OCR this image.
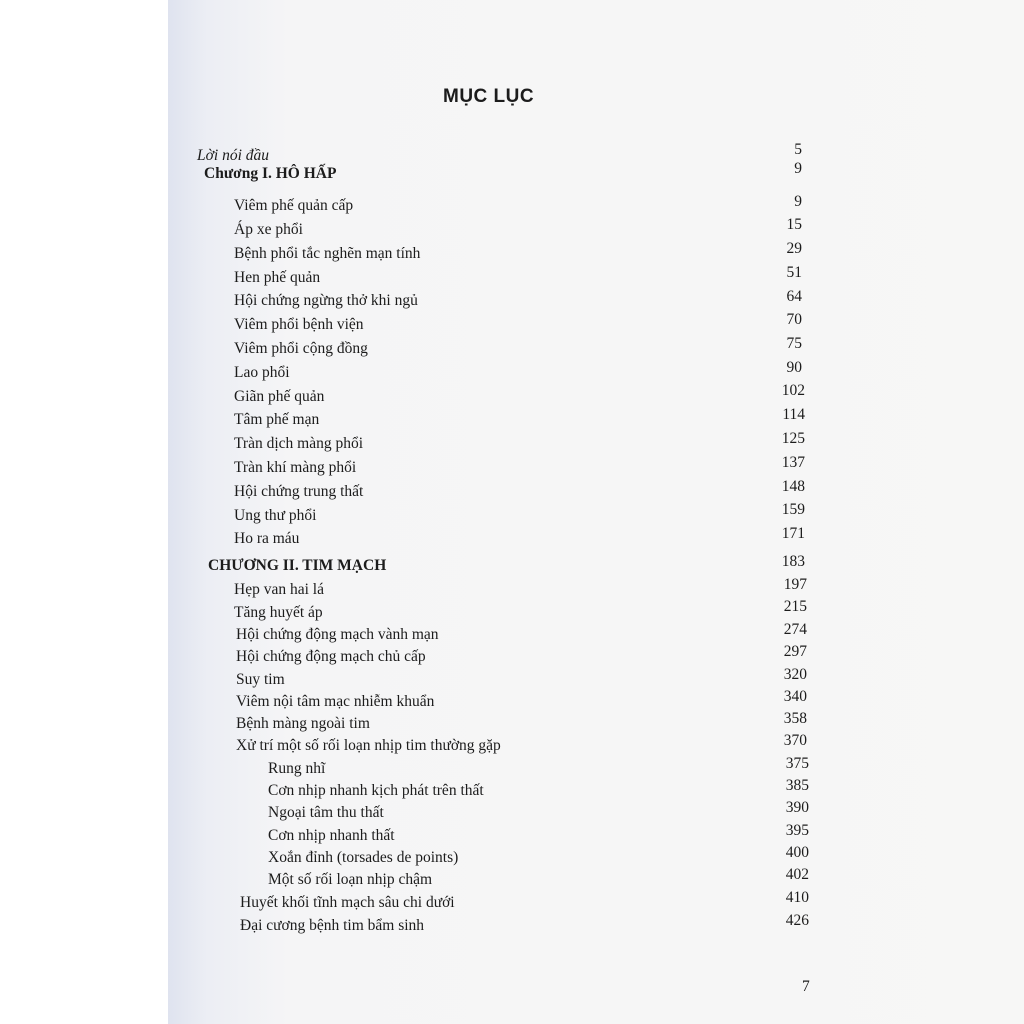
MỤC LỤC
Lời nói đầu	5
Chương I. HÔ HẤP	9
Viêm phế quản cấp	9
Áp xe phổi	15
Bệnh phổi tắc nghẽn mạn tính	29
Hen phế quản	51
Hội chứng ngừng thở khi ngủ	64
Viêm phổi bệnh viện	70
Viêm phổi cộng đồng	75
Lao phổi	90
Giãn phế quản	102
Tâm phế mạn	114
Tràn dịch màng phổi	125
Tràn khí màng phổi	137
Hội chứng trung thất	148
Ung thư phổi	159
Ho ra máu	171
CHƯƠNG II. TIM MẠCH	183
Hẹp van hai lá	197
Tăng huyết áp	215
Hội chứng động mạch vành mạn	274
Hội chứng động mạch chủ cấp	297
Suy tim	320
Viêm nội tâm mạc nhiễm khuẩn	340
Bệnh màng ngoài tim	358
Xử trí một số rối loạn nhịp tim thường gặp	370
Rung nhĩ	375
Cơn nhịp nhanh kịch phát trên thất	385
Ngoại tâm thu thất	390
Cơn nhịp nhanh thất	395
Xoắn đỉnh (torsades de points)	400
Một số rối loạn nhịp chậm	402
Huyết khối tĩnh mạch sâu chi dưới	410
Đại cương bệnh tim bẩm sinh	426
7
